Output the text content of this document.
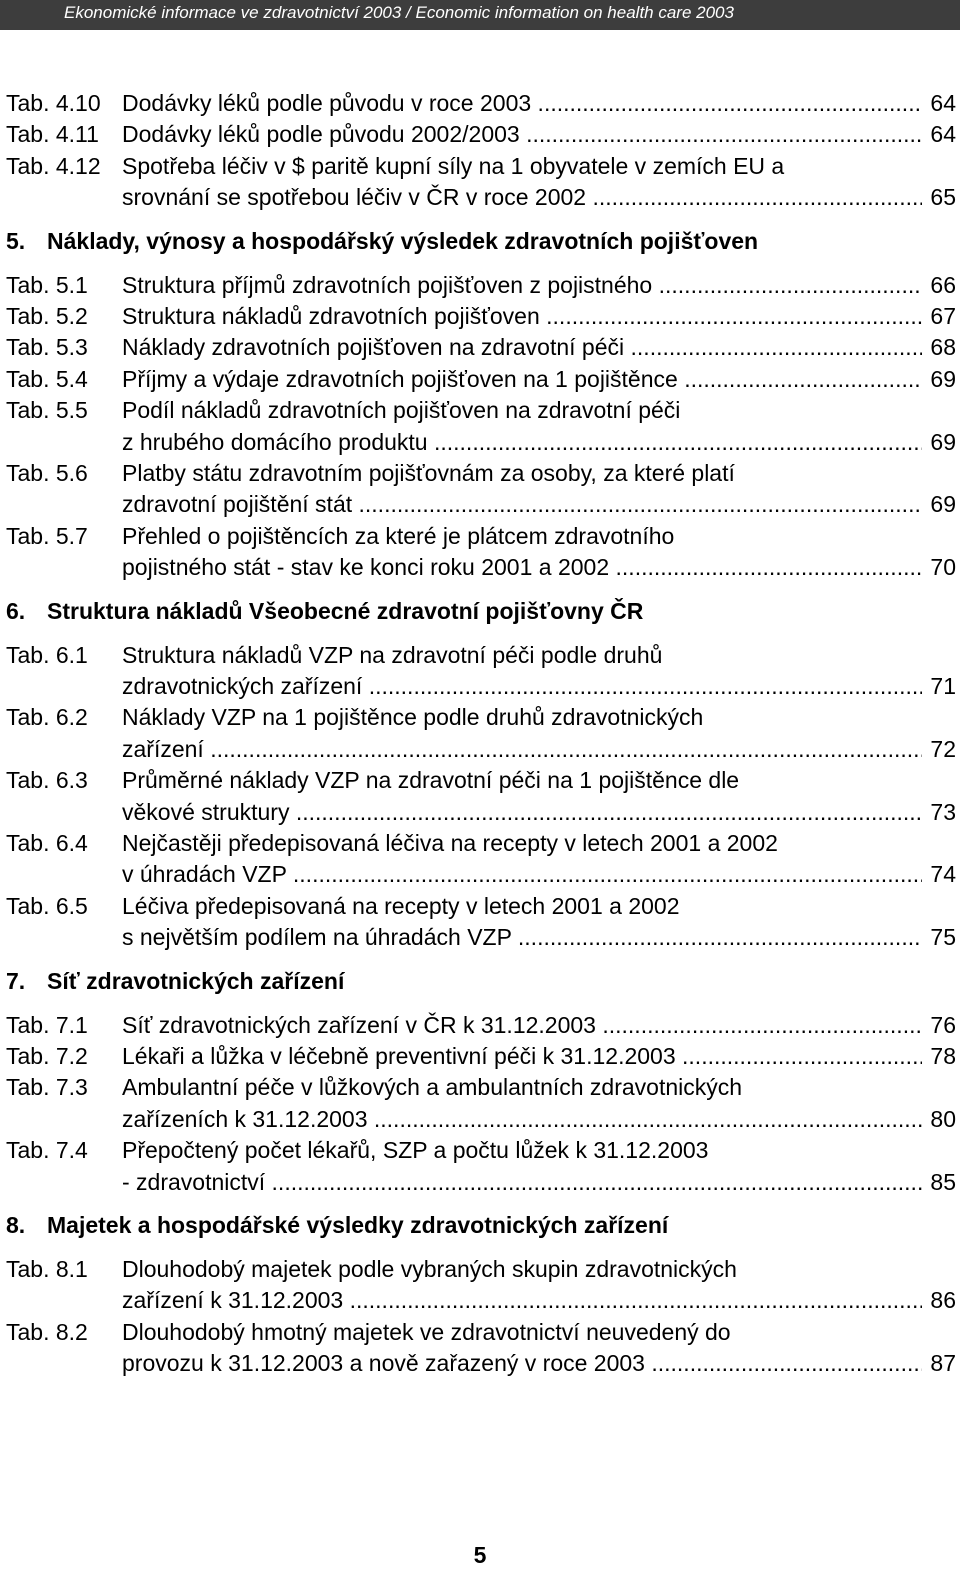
Ekonomické informace ve zdravotnictví 2003 / Economic information on health care 2003
Tab. 4.10 Dodávky léků podle původu v roce 2003 .....	64
Tab. 4.11 Dodávky léků podle původu 2002/2003 .....	64
Tab. 4.12 Spotřeba léčiv v $ paritě kupní síly na 1 obyvatele v zemích EU a
srovnání se spotřebou léčiv v ČR v roce 2002 .....	65
5. Náklady, výnosy a hospodářský výsledek zdravotních pojišťoven
Tab. 5.1 Struktura příjmů zdravotních pojišťoven z pojistného .....	66
Tab. 5.2 Struktura nákladů zdravotních pojišťoven .....	67
Tab. 5.3 Náklady zdravotních pojišťoven na zdravotní péči .....	68
Tab. 5.4 Příjmy a výdaje zdravotních pojišťoven na 1 pojištěnce .....	69
Tab. 5.5 Podíl nákladů zdravotních pojišťoven na zdravotní péči
z hrubého domácího produktu .....	69
Tab. 5.6 Platby státu zdravotním pojišťovnám za osoby, za které platí
zdravotní pojištění stát .....	69
Tab. 5.7 Přehled o pojištěncích za které je plátcem zdravotního
pojistného stát - stav ke konci roku 2001 a 2002 .....	70
6. Struktura nákladů Všeobecné zdravotní pojišťovny ČR
Tab. 6.1 Struktura nákladů VZP na zdravotní péči podle druhů
zdravotnických zařízení .....	71
Tab. 6.2 Náklady VZP na 1 pojištěnce podle druhů zdravotnických
zařízení .....	72
Tab. 6.3 Průměrné náklady VZP na zdravotní péči na 1 pojištěnce dle
věkové struktury .....	73
Tab. 6.4 Nejčastěji předepisovaná léčiva na recepty v letech 2001 a 2002
v úhradách VZP .....	74
Tab. 6.5 Léčiva předepisovaná na recepty v letech 2001 a 2002
s největším podílem na úhradách VZP .....	75
7. Síť zdravotnických zařízení
Tab. 7.1 Síť zdravotnických zařízení v ČR k 31.12.2003 .....	76
Tab. 7.2 Lékaři a lůžka v léčebně preventivní péči k 31.12.2003 .....	78
Tab. 7.3 Ambulantní péče v lůžkových a ambulantních zdravotnických
zařízeních k 31.12.2003 .....	80
Tab. 7.4 Přepočtený počet lékařů, SZP a počtu lůžek k 31.12.2003
- zdravotnictví .....	85
8. Majetek a hospodářské výsledky zdravotnických zařízení
Tab. 8.1 Dlouhodobý majetek podle vybraných skupin zdravotnických
zařízení k 31.12.2003 .....	86
Tab. 8.2 Dlouhodobý hmotný majetek ve zdravotnictví neuvedený do
provozu k 31.12.2003 a nově zařazený v roce 2003 .....	87
5
